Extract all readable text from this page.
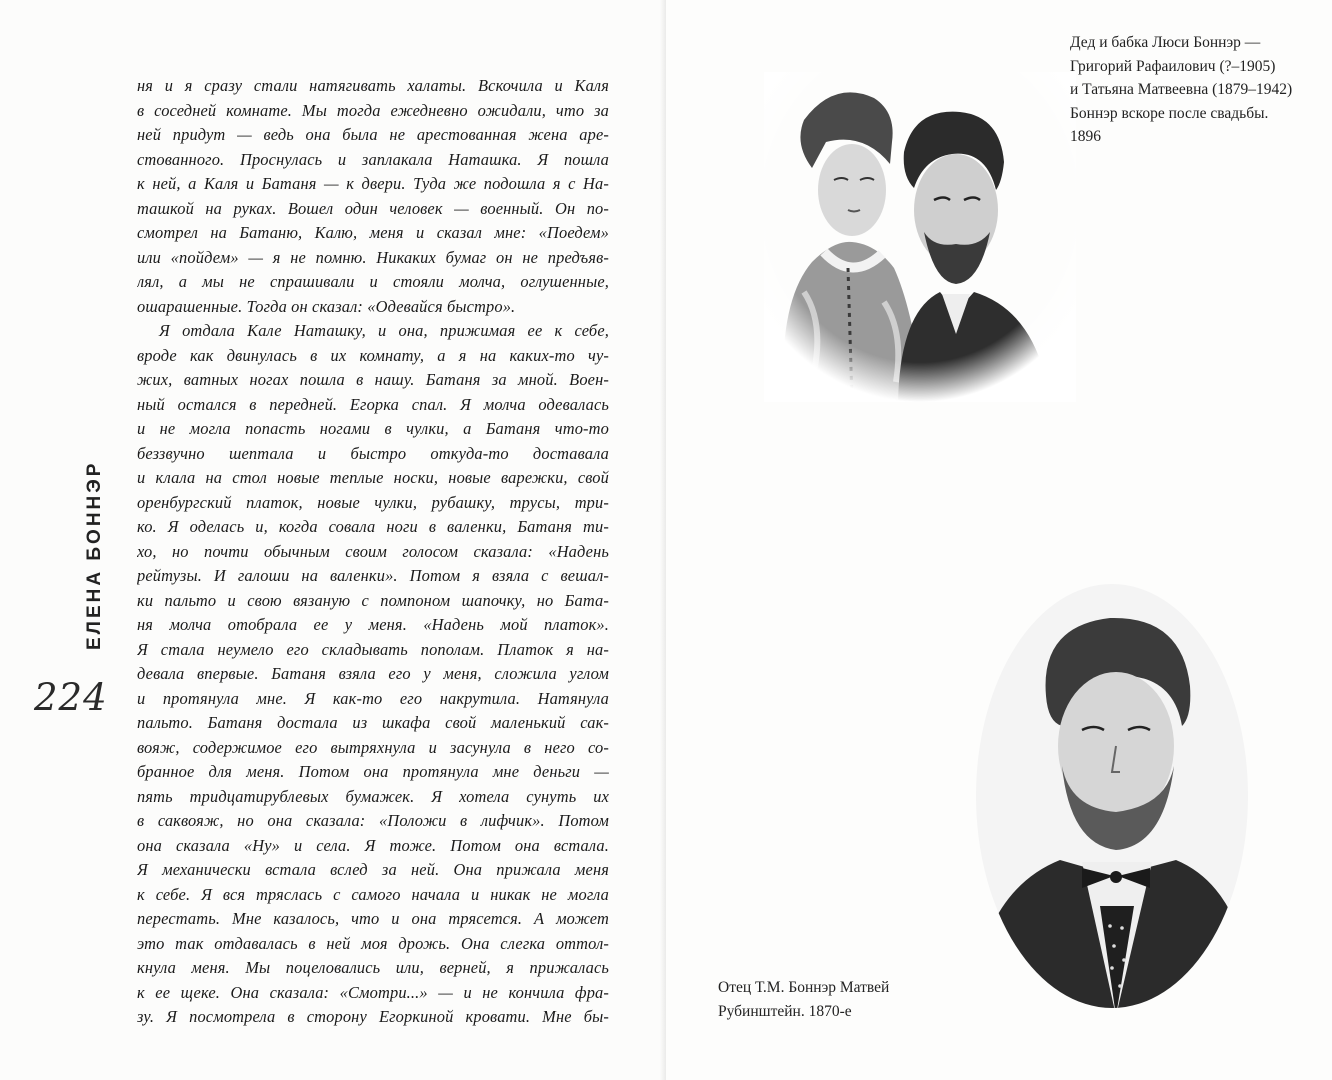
ЕЛЕНА БОННЭР
224
ня и я сразу стали натягивать халаты. Вскочила и Каля
в соседней комнате. Мы тогда ежедневно ожидали, что за
ней придут — ведь она была не арестованная жена аре-
стованного. Проснулась и заплакала Наташка. Я пошла
к ней, а Каля и Батаня — к двери. Туда же подошла я с На-
ташкой на руках. Вошел один человек — военный. Он по-
смотрел на Батаню, Калю, меня и сказал мне: «Поедем»
или «пойдем» — я не помню. Никаких бумаг он не предъяв-
лял, а мы не спрашивали и стояли молча, оглушенные,
ошарашенные. Тогда он сказал: «Одевайся быстро».
Я отдала Кале Наташку, и она, прижимая ее к себе,
вроде как двинулась в их комнату, а я на каких-то чу-
жих, ватных ногах пошла в нашу. Батаня за мной. Воен-
ный остался в передней. Егорка спал. Я молча одевалась
и не могла попасть ногами в чулки, а Батаня что-то
беззвучно шептала и быстро откуда-то доставала
и клала на стол новые теплые носки, новые варежки, свой
оренбургский платок, новые чулки, рубашку, трусы, три-
ко. Я оделась и, когда совала ноги в валенки, Батаня ти-
хо, но почти обычным своим голосом сказала: «Надень
рейтузы. И галоши на валенки». Потом я взяла с вешал-
ки пальто и свою вязаную с помпоном шапочку, но Бата-
ня молча отобрала ее у меня. «Надень мой платок».
Я стала неумело его складывать пополам. Платок я на-
девала впервые. Батаня взяла его у меня, сложила углом
и протянула мне. Я как-то его накрутила. Натянула
пальто. Батаня достала из шкафа свой маленький сак-
вояж, содержимое его вытряхнула и засунула в него со-
бранное для меня. Потом она протянула мне деньги —
пять тридцатирублевых бумажек. Я хотела сунуть их
в саквояж, но она сказала: «Положи в лифчик». Потом
она сказала «Ну» и села. Я тоже. Потом она встала.
Я механически встала вслед за ней. Она прижала меня
к себе. Я вся тряслась с самого начала и никак не могла
перестать. Мне казалось, что и она трясется. А может
это так отдавалась в ней моя дрожь. Она слегка оттол-
кнула меня. Мы поцеловались или, верней, я прижалась
к ее щеке. Она сказала: «Смотри...» — и не кончила фра-
зу. Я посмотрела в сторону Егоркиной кровати. Мне бы-
Дед и бабка Люси Боннэр —
Григорий Рафаилович (?–1905)
и Татьяна Матвеевна (1879–1942)
Боннэр вскоре после свадьбы.
1896
Отец Т.М. Боннэр Матвей
Рубинштейн. 1870-е
